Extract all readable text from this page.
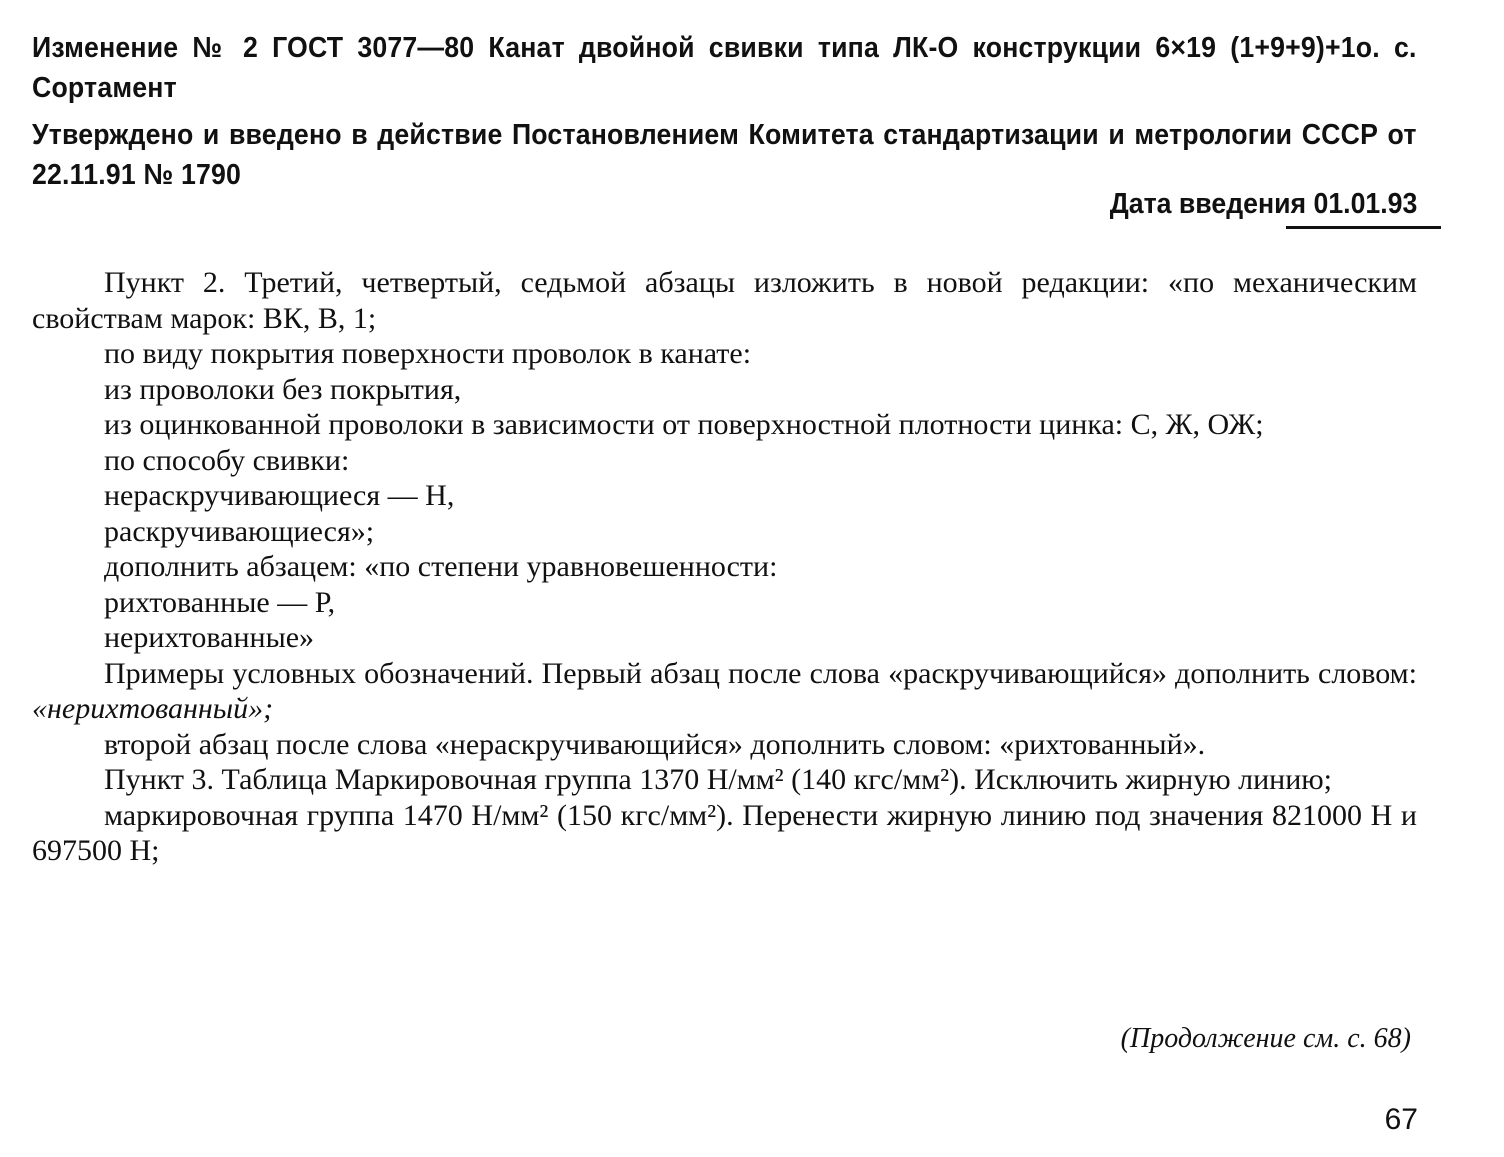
Изменение № 2 ГОСТ 3077—80 Канат двойной свивки типа ЛК-О конструкции 6×19 (1+9+9)+1о. с. Сортамент
Утверждено и введено в действие Постановлением Комитета стандартизации и метрологии СССР от 22.11.91 № 1790
Дата введения 01.01.93

Пункт 2. Третий, четвертый, седьмой абзацы изложить в новой редакции: «по механическим свойствам марок: ВК, В, 1;

по виду покрытия поверхности проволок в канате:

из проволоки без покрытия,

из оцинкованной проволоки в зависимости от поверхностной плотности цинка: С, Ж, ОЖ;

по способу свивки:

нераскручивающиеся — Н,

раскручивающиеся»;

дополнить абзацем: «по степени уравновешенности:

рихтованные — Р,

нерихтованные»

Примеры условных обозначений. Первый абзац после слова «раскручивающийся» дополнить словом: «нерихтованный»;

второй абзац после слова «нераскручивающийся» дополнить словом: «рихтованный».

Пункт 3. Таблица Маркировочная группа 1370 Н/мм² (140 кгс/мм²). Исключить жирную линию;

маркировочная группа 1470 Н/мм² (150 кгс/мм²). Перенести жирную линию под значения 821000 Н и 697500 Н;

(Продолжение см. с. 68)
67
